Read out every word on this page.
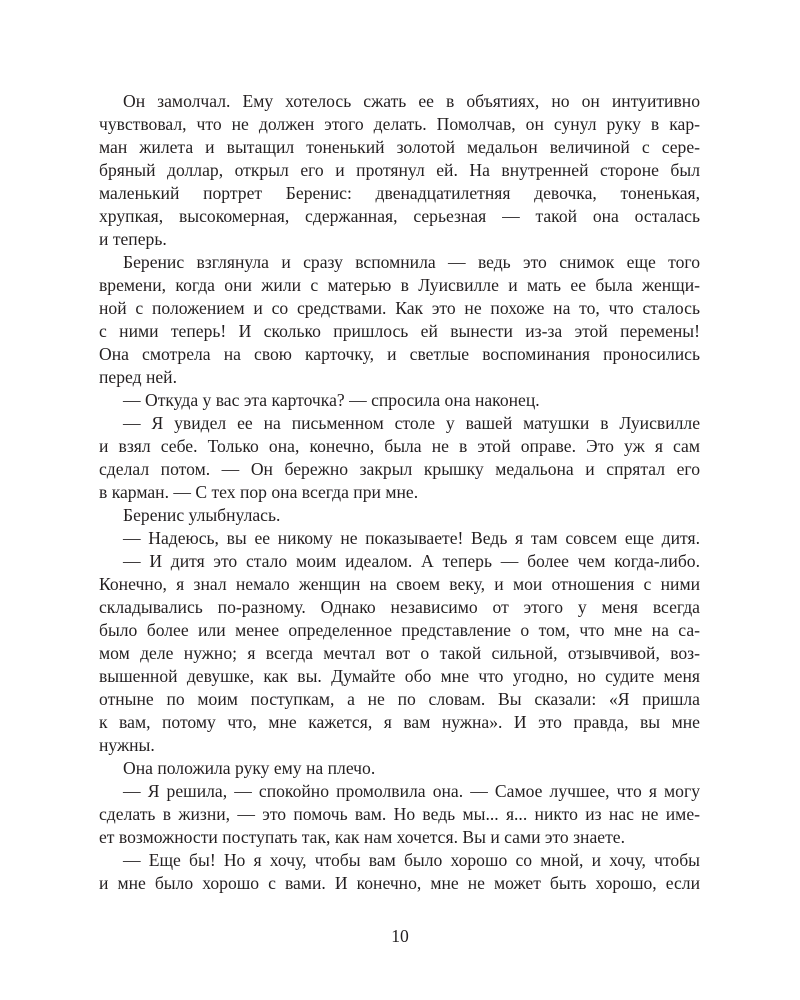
Он замолчал. Ему хотелось сжать ее в объятиях, но он интуитивно
чувствовал, что не должен этого делать. Помолчав, он сунул руку в кар-
ман жилета и вытащил тоненький золотой медальон величиной с сере-
бряный доллар, открыл его и протянул ей. На внутренней стороне был
маленький портрет Беренис: двенадцатилетняя девочка, тоненькая,
хрупкая, высокомерная, сдержанная, серьезная — такой она осталась
и теперь.
Беренис взглянула и сразу вспомнила — ведь это снимок еще того
времени, когда они жили с матерью в Луисвилле и мать ее была женщи-
ной с положением и со средствами. Как это не похоже на то, что сталось
с ними теперь! И сколько пришлось ей вынести из-за этой перемены!
Она смотрела на свою карточку, и светлые воспоминания проносились
перед ней.
— Откуда у вас эта карточка? — спросила она наконец.
— Я увидел ее на письменном столе у вашей матушки в Луисвилле
и взял себе. Только она, конечно, была не в этой оправе. Это уж я сам
сделал потом. — Он бережно закрыл крышку медальона и спрятал его
в карман. — С тех пор она всегда при мне.
Беренис улыбнулась.
— Надеюсь, вы ее никому не показываете! Ведь я там совсем еще дитя.
— И дитя это стало моим идеалом. А теперь — более чем когда-либо.
Конечно, я знал немало женщин на своем веку, и мои отношения с ними
складывались по-разному. Однако независимо от этого у меня всегда
было более или менее определенное представление о том, что мне на са-
мом деле нужно; я всегда мечтал вот о такой сильной, отзывчивой, воз-
вышенной девушке, как вы. Думайте обо мне что угодно, но судите меня
отныне по моим поступкам, а не по словам. Вы сказали: «Я пришла
к вам, потому что, мне кажется, я вам нужна». И это правда, вы мне
нужны.
Она положила руку ему на плечо.
— Я решила, — спокойно промолвила она. — Самое лучшее, что я могу
сделать в жизни, — это помочь вам. Но ведь мы... я... никто из нас не име-
ет возможности поступать так, как нам хочется. Вы и сами это знаете.
— Еще бы! Но я хочу, чтобы вам было хорошо со мной, и хочу, чтобы
и мне было хорошо с вами. И конечно, мне не может быть хорошо, если
10
